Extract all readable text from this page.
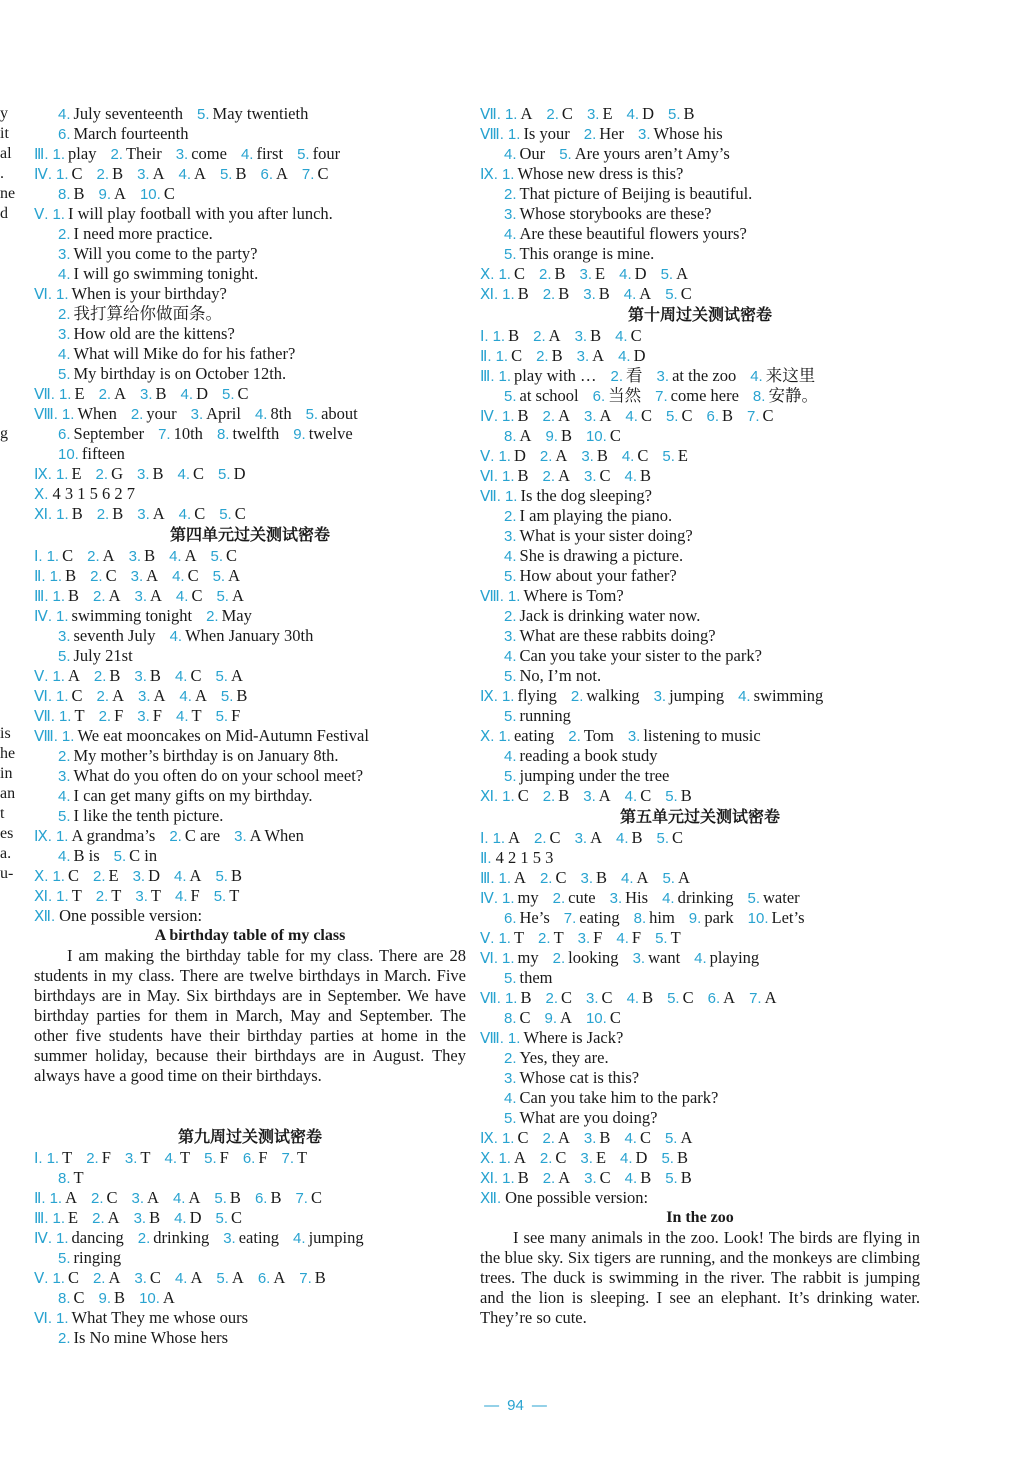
y
it
al
.
ne
d
g
is
he
in
an
t
es
a.
u-
4. July seventeenth 5. May twentieth
6. March fourteenth
Ⅲ. 1. play 2. Their 3. come 4. first 5. four
Ⅳ. 1. C 2. B 3. A 4. A 5. B 6. A 7. C
8. B 9. A 10. C
Ⅴ. 1. I will play football with you after lunch.
2. I need more practice.
3. Will you come to the party?
4. I will go swimming tonight.
Ⅵ. 1. When is your birthday?
2. 我打算给你做面条。
3. How old are the kittens?
4. What will Mike do for his father?
5. My birthday is on October 12th.
Ⅶ. 1. E 2. A 3. B 4. D 5. C
Ⅷ. 1. When 2. your 3. April 4. 8th 5. about
6. September 7. 10th 8. twelfth 9. twelve
10. fifteen
Ⅸ. 1. E 2. G 3. B 4. C 5. D
Ⅹ. 4 3 1 5 6 2 7
Ⅺ. 1. B 2. B 3. A 4. C 5. C
第四单元过关测试密卷
Ⅰ. 1. C 2. A 3. B 4. A 5. C
Ⅱ. 1. B 2. C 3. A 4. C 5. A
Ⅲ. 1. B 2. A 3. A 4. C 5. A
Ⅳ. 1. swimming tonight 2. May
3. seventh July 4. When January 30th
5. July 21st
Ⅴ. 1. A 2. B 3. B 4. C 5. A
Ⅵ. 1. C 2. A 3. A 4. A 5. B
Ⅶ. 1. T 2. F 3. F 4. T 5. F
Ⅷ. 1. We eat mooncakes on Mid-Autumn Festival
2. My mother’s birthday is on January 8th.
3. What do you often do on your school meet?
4. I can get many gifts on my birthday.
5. I like the tenth picture.
Ⅸ. 1. A grandma’s 2. C are 3. A When
4. B is 5. C in
Ⅹ. 1. C 2. E 3. D 4. A 5. B
Ⅺ. 1. T 2. T 3. T 4. F 5. T
Ⅻ. One possible version:
A birthday table of my class
I am making the birthday table for my class. There are 28 students in my class. There are twelve birthdays in March. Five birthdays are in May. Six birthdays are in September. We have birthday parties for them in March, May and September. The other five students have their birthday parties at home in the summer holiday, because their birthdays are in August. They always have a good time on their birthdays.
第九周过关测试密卷
Ⅰ. 1. T 2. F 3. T 4. T 5. F 6. F 7. T
8. T
Ⅱ. 1. A 2. C 3. A 4. A 5. B 6. B 7. C
Ⅲ. 1. E 2. A 3. B 4. D 5. C
Ⅳ. 1. dancing 2. drinking 3. eating 4. jumping
5. ringing
Ⅴ. 1. C 2. A 3. C 4. A 5. A 6. A 7. B
8. C 9. B 10. A
Ⅵ. 1. What They me whose ours
2. Is No mine Whose hers
Ⅶ. 1. A 2. C 3. E 4. D 5. B
Ⅷ. 1. Is your 2. Her 3. Whose his
4. Our 5. Are yours aren’t Amy’s
Ⅸ. 1. Whose new dress is this?
2. That picture of Beijing is beautiful.
3. Whose storybooks are these?
4. Are these beautiful flowers yours?
5. This orange is mine.
Ⅹ. 1. C 2. B 3. E 4. D 5. A
Ⅺ. 1. B 2. B 3. B 4. A 5. C
第十周过关测试密卷
Ⅰ. 1. B 2. A 3. B 4. C
Ⅱ. 1. C 2. B 3. A 4. D
Ⅲ. 1. play with … 2. 看 3. at the zoo 4. 来这里
5. at school 6. 当然 7. come here 8. 安静。
Ⅳ. 1. B 2. A 3. A 4. C 5. C 6. B 7. C
8. A 9. B 10. C
Ⅴ. 1. D 2. A 3. B 4. C 5. E
Ⅵ. 1. B 2. A 3. C 4. B
Ⅶ. 1. Is the dog sleeping?
2. I am playing the piano.
3. What is your sister doing?
4. She is drawing a picture.
5. How about your father?
Ⅷ. 1. Where is Tom?
2. Jack is drinking water now.
3. What are these rabbits doing?
4. Can you take your sister to the park?
5. No, I’m not.
Ⅸ. 1. flying 2. walking 3. jumping 4. swimming
5. running
Ⅹ. 1. eating 2. Tom 3. listening to music
4. reading a book study
5. jumping under the tree
Ⅺ. 1. C 2. B 3. A 4. C 5. B
第五单元过关测试密卷
Ⅰ. 1. A 2. C 3. A 4. B 5. C
Ⅱ. 4 2 1 5 3
Ⅲ. 1. A 2. C 3. B 4. A 5. A
Ⅳ. 1. my 2. cute 3. His 4. drinking 5. water
6. He’s 7. eating 8. him 9. park 10. Let’s
Ⅴ. 1. T 2. T 3. F 4. F 5. T
Ⅵ. 1. my 2. looking 3. want 4. playing
5. them
Ⅶ. 1. B 2. C 3. C 4. B 5. C 6. A 7. A
8. C 9. A 10. C
Ⅷ. 1. Where is Jack?
2. Yes, they are.
3. Whose cat is this?
4. Can you take him to the park?
5. What are you doing?
Ⅸ. 1. C 2. A 3. B 4. C 5. A
Ⅹ. 1. A 2. C 3. E 4. D 5. B
Ⅺ. 1. B 2. A 3. C 4. B 5. B
Ⅻ. One possible version:
In the zoo
I see many animals in the zoo. Look! The birds are flying in the blue sky. Six tigers are running, and the monkeys are climbing trees. The duck is swimming in the river. The rabbit is jumping and the lion is sleeping. I see an elephant. It’s drinking water. They’re so cute.
— 94 —
